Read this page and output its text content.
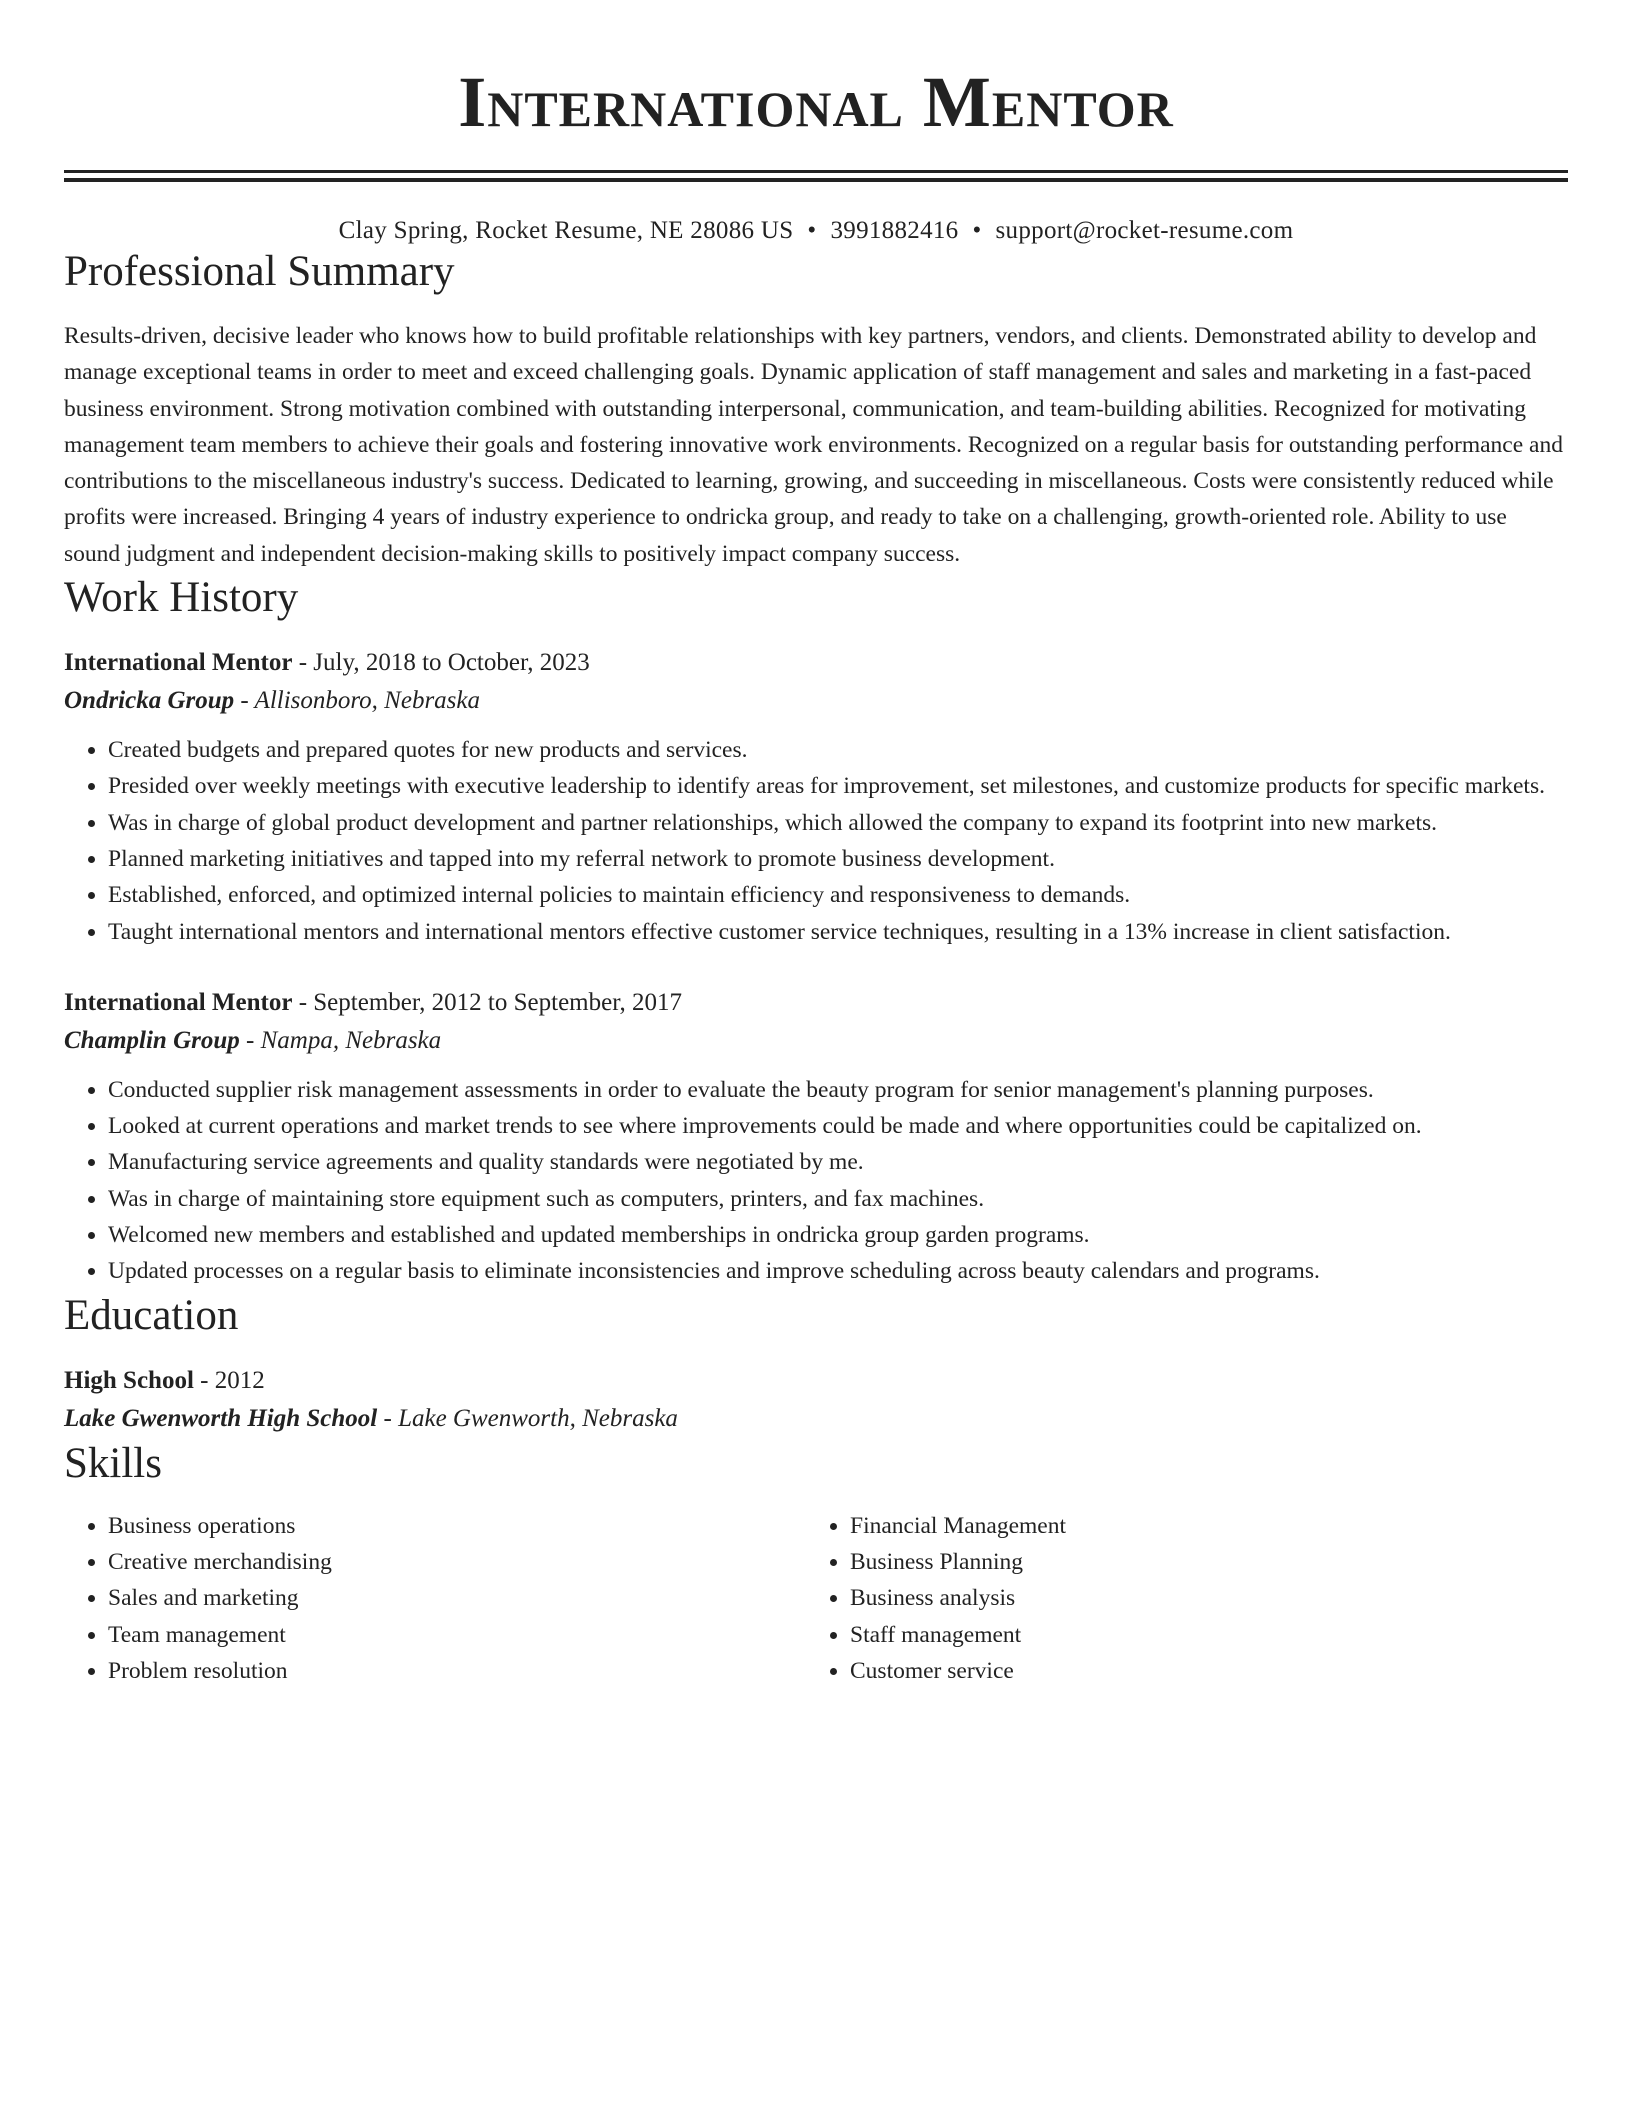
International Mentor
Clay Spring, Rocket Resume, NE 28086 US • 3991882416 • support@rocket-resume.com
Professional Summary

Results-driven, decisive leader who knows how to build profitable relationships with key partners, vendors, and clients. Demonstrated ability to develop and manage exceptional teams in order to meet and exceed challenging goals. Dynamic application of staff management and sales and marketing in a fast-paced business environment. Strong motivation combined with outstanding interpersonal, communication, and team-building abilities. Recognized for motivating management team members to achieve their goals and fostering innovative work environments. Recognized on a regular basis for outstanding performance and contributions to the miscellaneous industry's success. Dedicated to learning, growing, and succeeding in miscellaneous. Costs were consistently reduced while profits were increased. Bringing 4 years of industry experience to ondricka group, and ready to take on a challenging, growth-oriented role. Ability to use sound judgment and independent decision-making skills to positively impact company success.

Work History
International Mentor - July, 2018 to October, 2023
Ondricka Group - Allisonboro, Nebraska
• Created budgets and prepared quotes for new products and services.
• Presided over weekly meetings with executive leadership to identify areas for improvement, set milestones, and customize products for specific markets.
• Was in charge of global product development and partner relationships, which allowed the company to expand its footprint into new markets.
• Planned marketing initiatives and tapped into my referral network to promote business development.
• Established, enforced, and optimized internal policies to maintain efficiency and responsiveness to demands.
• Taught international mentors and international mentors effective customer service techniques, resulting in a 13% increase in client satisfaction.
International Mentor - September, 2012 to September, 2017
Champlin Group - Nampa, Nebraska
• Conducted supplier risk management assessments in order to evaluate the beauty program for senior management's planning purposes.
• Looked at current operations and market trends to see where improvements could be made and where opportunities could be capitalized on.
• Manufacturing service agreements and quality standards were negotiated by me.
• Was in charge of maintaining store equipment such as computers, printers, and fax machines.
• Welcomed new members and established and updated memberships in ondricka group garden programs.
• Updated processes on a regular basis to eliminate inconsistencies and improve scheduling across beauty calendars and programs.
Education
High School - 2012
Lake Gwenworth High School - Lake Gwenworth, Nebraska
Skills
• Business operations
• Creative merchandising
• Sales and marketing
• Team management
• Problem resolution
• Financial Management
• Business Planning
• Business analysis
• Staff management
• Customer service
